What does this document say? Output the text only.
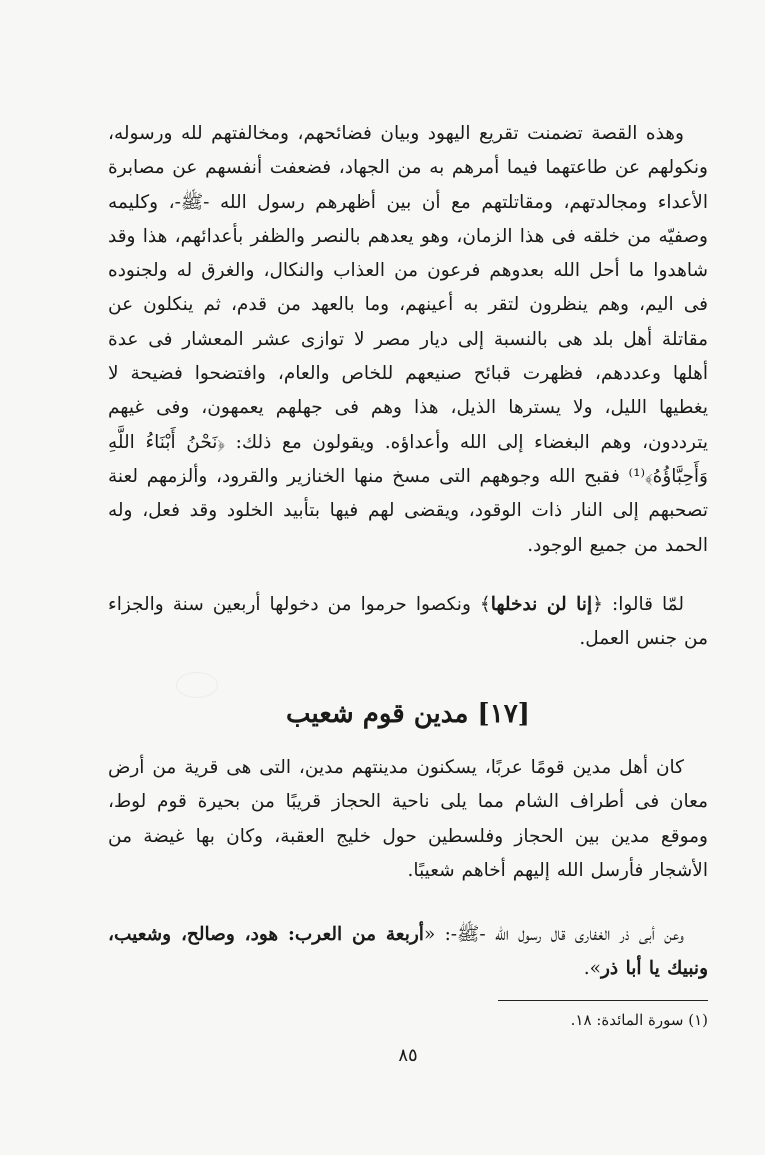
وهذه القصة تضمنت تقريع اليهود وبيان فضائحهم، ومخالفتهم لله ورسوله، ونكولهم عن طاعتهما فيما أمرهم به من الجهاد، فضعفت أنفسهم عن مصابرة الأعداء ومجالدتهم، ومقاتلتهم مع أن بين أظهرهم رسول الله -ﷺ-، وكليمه وصفيّه من خلقه فى هذا الزمان، وهو يعدهم بالنصر والظفر بأعدائهم، هذا وقد شاهدوا ما أحل الله بعدوهم فرعون من العذاب والنكال، والغرق له ولجنوده فى اليم، وهم ينظرون لتقر به أعينهم، وما بالعهد من قدم، ثم ينكلون عن مقاتلة أهل بلد هى بالنسبة إلى ديار مصر لا توازى عشر المعشار فى عدة أهلها وعددهم، فظهرت قبائح صنيعهم للخاص والعام، وافتضحوا فضيحة لا يغطيها الليل، ولا يسترها الذيل، هذا وهم فى جهلهم يعمهون، وفى غيهم يترددون، وهم البغضاء إلى الله وأعداؤه. ويقولون مع ذلك: ﴿نَحْنُ أَبْنَاءُ اللَّهِ وَأَحِبَّاؤُهُ﴾⁽¹⁾ فقبح الله وجوههم التى مسخ منها الخنازير والقرود، وألزمهم لعنة تصحبهم إلى النار ذات الوقود، ويقضى لهم فيها بتأبيد الخلود وقد فعل، وله الحمد من جميع الوجود.
لمّا قالوا: ﴿إنا لن ندخلها﴾ ونكصوا حرموا من دخولها أربعين سنة والجزاء من جنس العمل.
[١٧] مدين قوم شعيب
كان أهل مدين قومًا عربًا، يسكنون مدينتهم مدين، التى هى قرية من أرض معان فى أطراف الشام مما يلى ناحية الحجاز قريبًا من بحيرة قوم لوط، وموقع مدين بين الحجاز وفلسطين حول خليج العقبة، وكان بها غيضة من الأشجار فأرسل الله إليهم أخاهم شعيبًا.
وعن أبى ذر الغفارى قال رسول الله -ﷺ-: «أربعة من العرب: هود، وصالح، وشعيب، ونبيك يا أبا ذر».
(١) سورة المائدة: ١٨.
٨٥
